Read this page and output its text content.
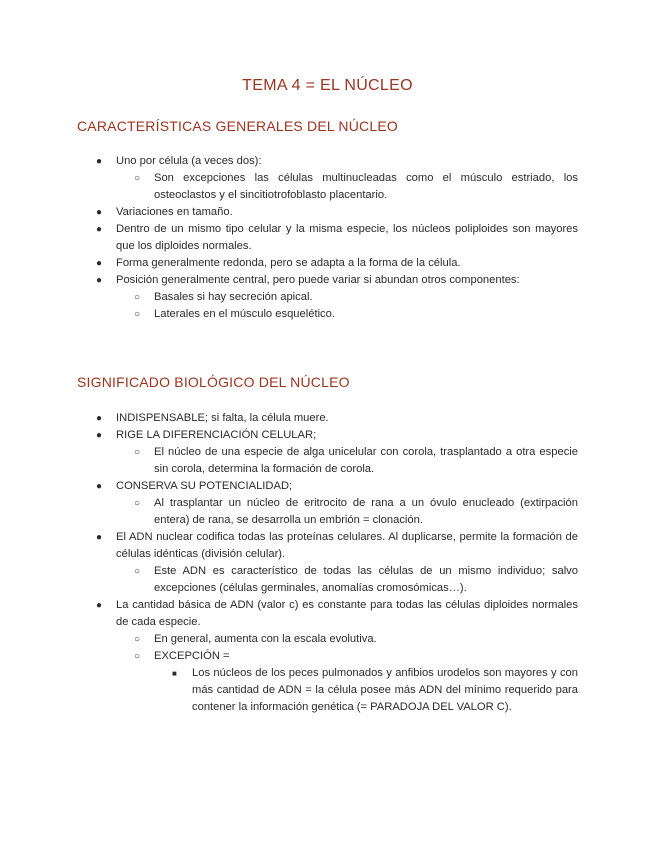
TEMA 4 = EL NÚCLEO
CARACTERÍSTICAS GENERALES DEL NÚCLEO
● Uno por célula (a veces dos):
○ Son excepciones las células multinucleadas como el músculo estriado, los osteoclastos y el sincitiotrofoblasto placentario.
● Variaciones en tamaño.
● Dentro de un mismo tipo celular y la misma especie, los núcleos poliploides son mayores que los diploides normales.
● Forma generalmente redonda, pero se adapta a la forma de la célula.
● Posición generalmente central, pero puede variar si abundan otros componentes:
○ Basales si hay secreción apical.
○ Laterales en el músculo esquelético.
SIGNIFICADO BIOLÓGICO DEL NÚCLEO
● INDISPENSABLE; si falta, la célula muere.
● RIGE LA DIFERENCIACIÓN CELULAR;
○ El núcleo de una especie de alga unicelular con corola, trasplantado a otra especie sin corola, determina la formación de corola.
● CONSERVA SU POTENCIALIDAD;
○ Al trasplantar un núcleo de eritrocito de rana a un óvulo enucleado (extirpación entera) de rana, se desarrolla un embrión = clonación.
● El ADN nuclear codifica todas las proteínas celulares. Al duplicarse, permite la formación de células idénticas (división celular).
○ Este ADN es característico de todas las células de un mismo individuo; salvo excepciones (células germinales, anomalías cromosómicas…).
● La cantidad básica de ADN (valor c) es constante para todas las células diploides normales de cada especie.
○ En general, aumenta con la escala evolutiva.
○ EXCEPCIÓN =
■ Los núcleos de los peces pulmonados y anfibios urodelos son mayores y con más cantidad de ADN = la célula posee más ADN del mínimo requerido para contener la información genética (= PARADOJA DEL VALOR C).
